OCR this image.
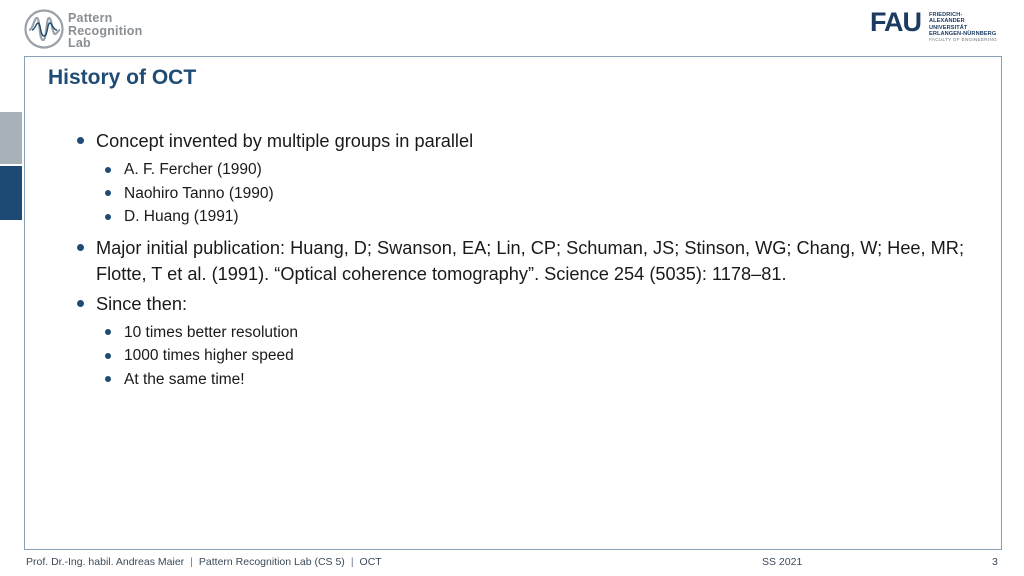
Pattern
Recognition
Lab
FAU FRIEDRICH-ALEXANDER
UNIVERSITÄT
ERLANGEN-NÜRNBERG
FACULTY OF ENGINEERING
History of OCT
Concept invented by multiple groups in parallel
A. F. Fercher (1990)
Naohiro Tanno (1990)
D. Huang (1991)
Major initial publication: Huang, D; Swanson, EA; Lin, CP; Schuman, JS; Stinson, WG; Chang, W; Hee, MR; Flotte, T et al. (1991). “Optical coherence tomography”. Science 254 (5035): 1178–81.
Since then:
10 times better resolution
1000 times higher speed
At the same time!
Prof. Dr.-Ing. habil. Andreas Maier | Pattern Recognition Lab (CS 5) | OCT	SS 2021	3
